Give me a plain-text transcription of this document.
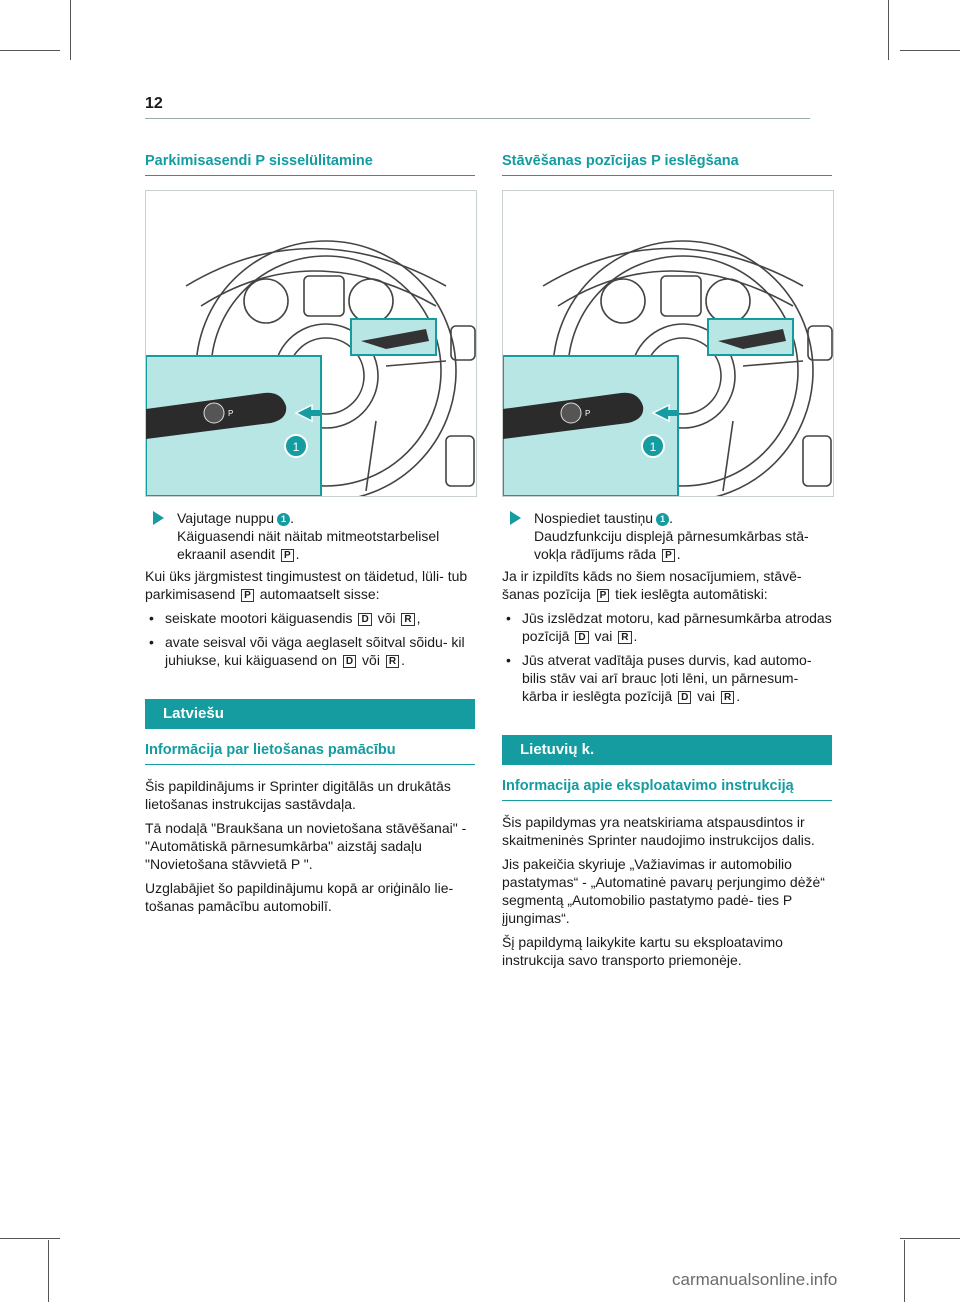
12
Parkimisasendi P sisselülitamine
1
P
Vajutage nuppu 1 .
Käiguasendi näit näitab mitmeotstarbelisel ekraanil asendit P .

Kui üks järgmistest tingimustest on täidetud, lüli- tub parkimisasend P automaatselt sisse:

• seiskate mootori käiguasendis D või R ,
• avate seisval või väga aeglaselt sõitval sõidu- kil juhiukse, kui käiguasend on D või R .
Latviešu
Informācija par lietošanas pamācību

Šis papildinājums ir Sprinter digitālās un drukātās lietošanas instrukcijas sastāvdaļa.

Tā nodaļā "Braukšana un novietošana stāvēšanai" - "Automātiskā pārnesumkārba" aizstāj sadaļu "Novietošana stāvvietā P ".

Uzglabājiet šo papildinājumu kopā ar oriģinālo lie- tošanas pamācību automobilī.

Stāvēšanas pozīcijas P ieslēgšana
1
P
Nospiediet taustiņu 1 .
Daudzfunkciju displejā pārnesumkārbas stā- vokļa rādījums rāda P .

Ja ir izpildīts kāds no šiem nosacījumiem, stāvē- šanas pozīcija P tiek ieslēgta automātiski:

• Jūs izslēdzat motoru, kad pārnesumkārba atrodas pozīcijā D vai R .
• Jūs atverat vadītāja puses durvis, kad automo- bilis stāv vai arī brauc ļoti lēni, un pārnesum- kārba ir ieslēgta pozīcijā D vai R .
Lietuvių k.
Informacija apie eksploatavimo instrukciją

Šis papildymas yra neatskiriama atspausdintos ir skaitmeninės Sprinter naudojimo instrukcijos dalis.

Jis pakeičia skyriuje „Važiavimas ir automobilio pastatymas“ - „Automatinė pavarų perjungimo dėžė“ segmentą „Automobilio pastatymo padė- ties P įjungimas“.

Šį papildymą laikykite kartu su eksploatavimo instrukcija savo transporto priemonėje.

carmanualsonline.info
